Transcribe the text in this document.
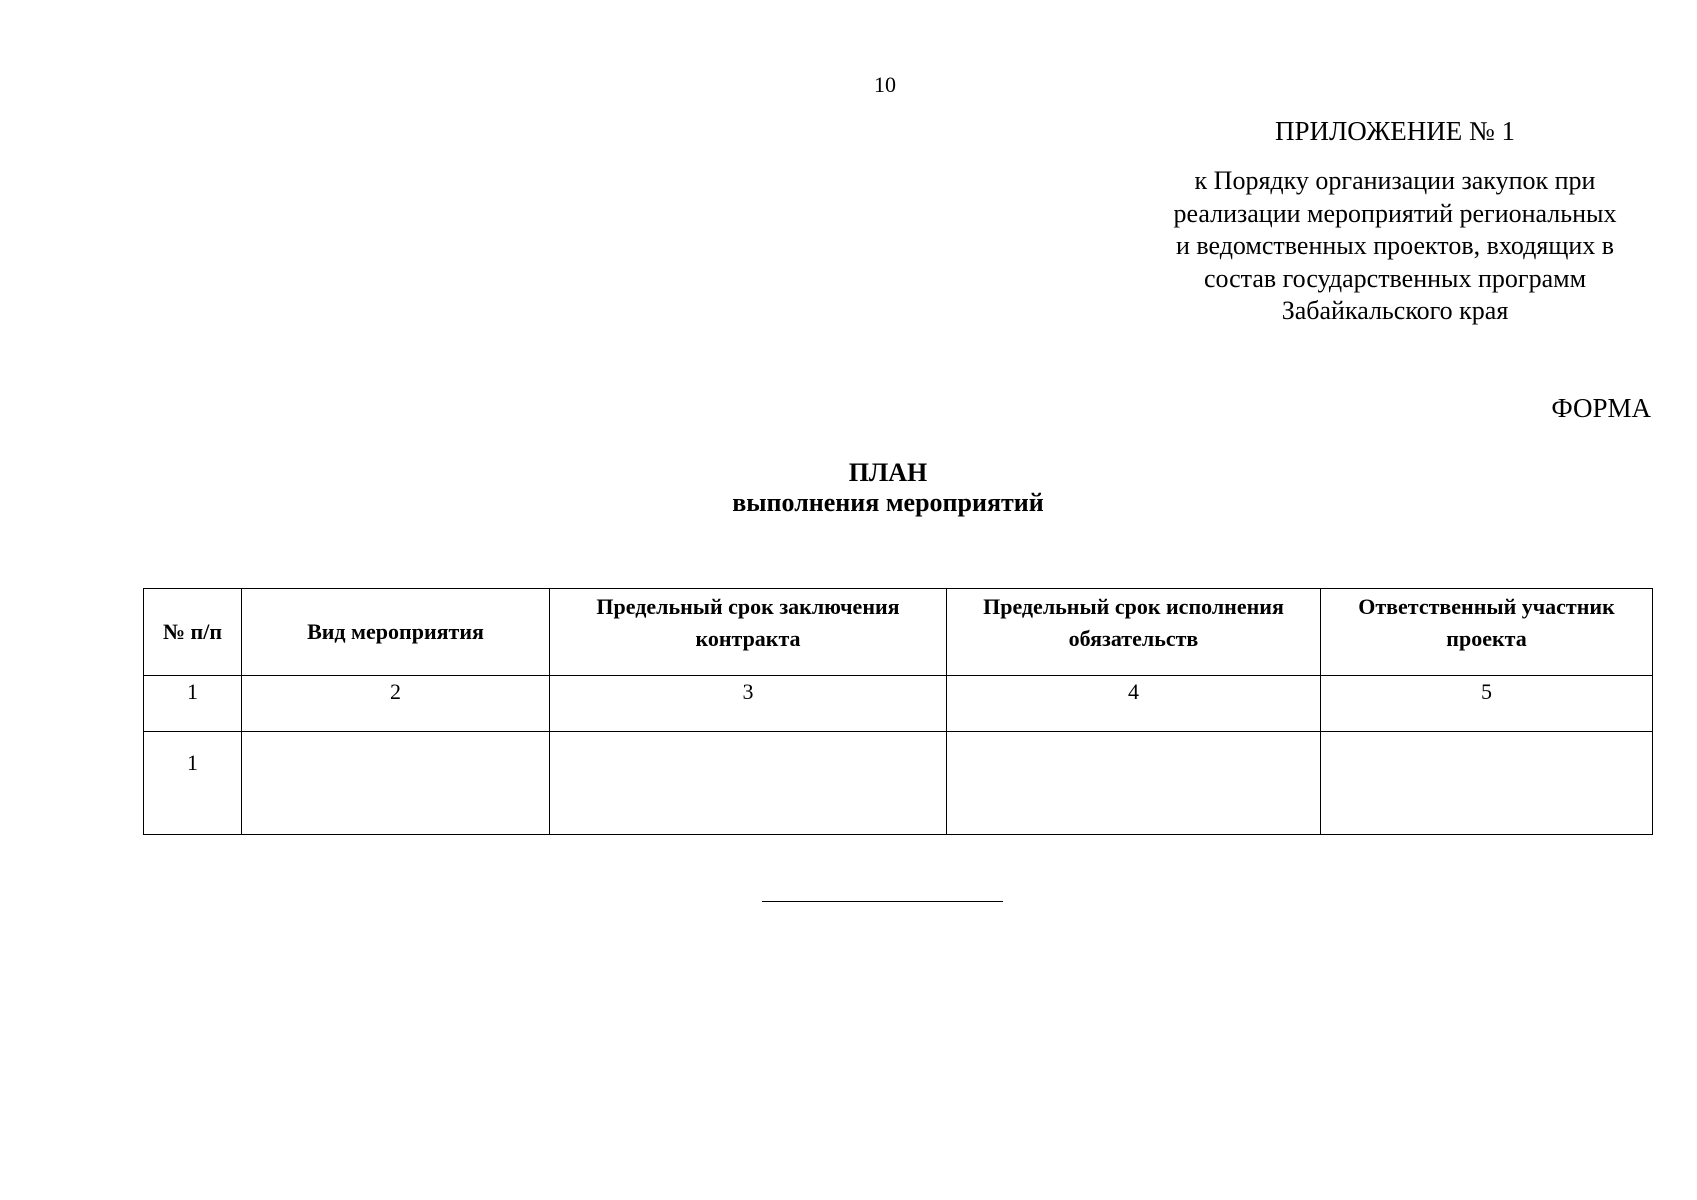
10
ПРИЛОЖЕНИЕ № 1
к Порядку организации закупок при
реализации мероприятий региональных
и ведомственных проектов, входящих в
состав государственных программ
Забайкальского края
ФОРМА
ПЛАН
выполнения мероприятий
№ п/п	Вид мероприятия	Предельный срок заключения контракта	Предельный срок исполнения обязательств	Ответственный участник проекта
1	2	3	4	5
1				
